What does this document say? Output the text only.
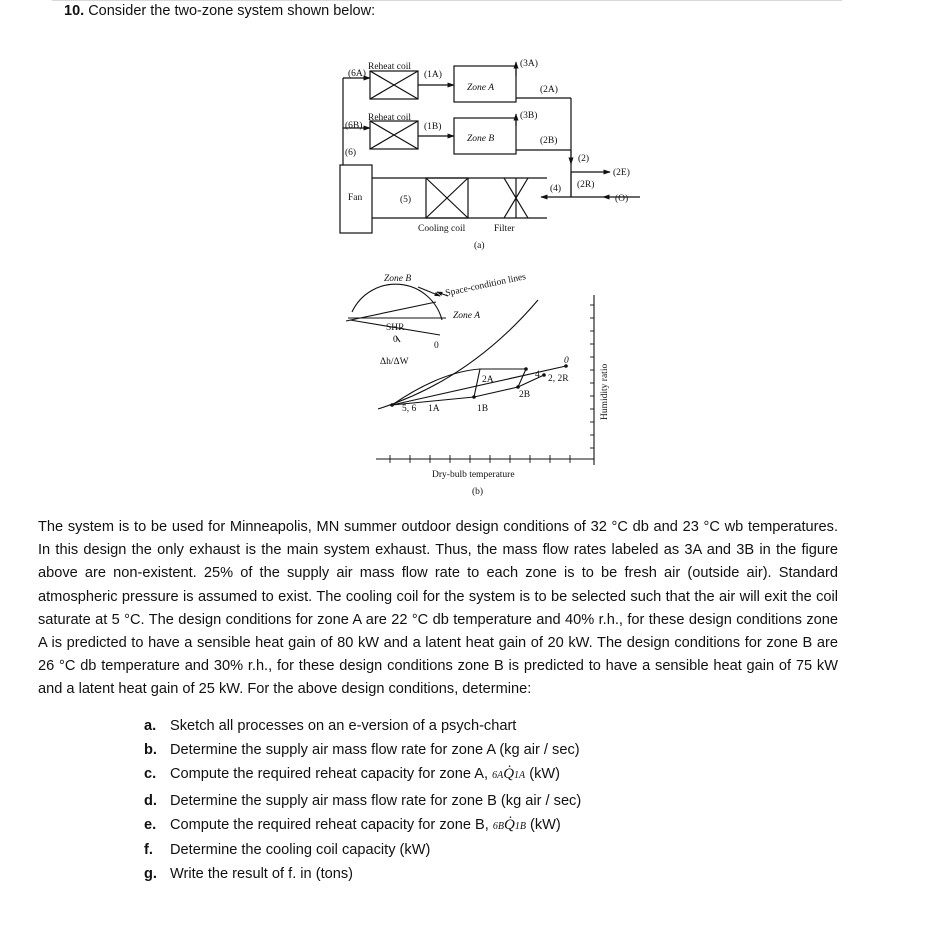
10. Consider the two-zone system shown below:
Reheat coil
(6A)	(1A)
(3A)
(2A)
Zone A
Reheat coil
(6B)	(1B)
(3B)
(2B)
Zone B
(6)
Fan	(5)
(4)
(2)
(2R)
(2E)
(O)
Cooling coil	Filter
(a)
Zone B	Space-condition lines
Zone A
SHR
0
0
Δh/ΔW
2A	4 2, 2R
0
2B
5, 6 1A	1B	Humidity ratio
Dry-bulb temperature
(b)
The system is to be used for Minneapolis, MN summer outdoor design conditions of 32 °C db and 23 °C wb temperatures. In this design the only exhaust is the main system exhaust. Thus, the mass flow rates labeled as 3A and 3B in the figure above are non-existent. 25% of the supply air mass flow rate to each zone is to be fresh air (outside air). Standard atmospheric pressure is assumed to exist. The cooling coil for the system is to be selected such that the air will exit the coil saturate at 5 °C. The design conditions for zone A are 22 °C db temperature and 40% r.h., for these design conditions zone A is predicted to have a sensible heat gain of 80 kW and a latent heat gain of 20 kW. The design conditions for zone B are 26 °C db temperature and 30% r.h., for these design conditions zone B is predicted to have a sensible heat gain of 75 kW and a latent heat gain of 25 kW. For the above design conditions, determine:
a. Sketch all processes on an e-version of a psych-chart
b. Determine the supply air mass flow rate for zone A (kg air / sec)
c. Compute the required reheat capacity for zone A, 6AQ̇1A (kW)
d. Determine the supply air mass flow rate for zone B (kg air / sec)
e. Compute the required reheat capacity for zone B, 6BQ̇1B (kW)
f.	Determine the cooling coil capacity (kW)
g. Write the result of f. in (tons)
